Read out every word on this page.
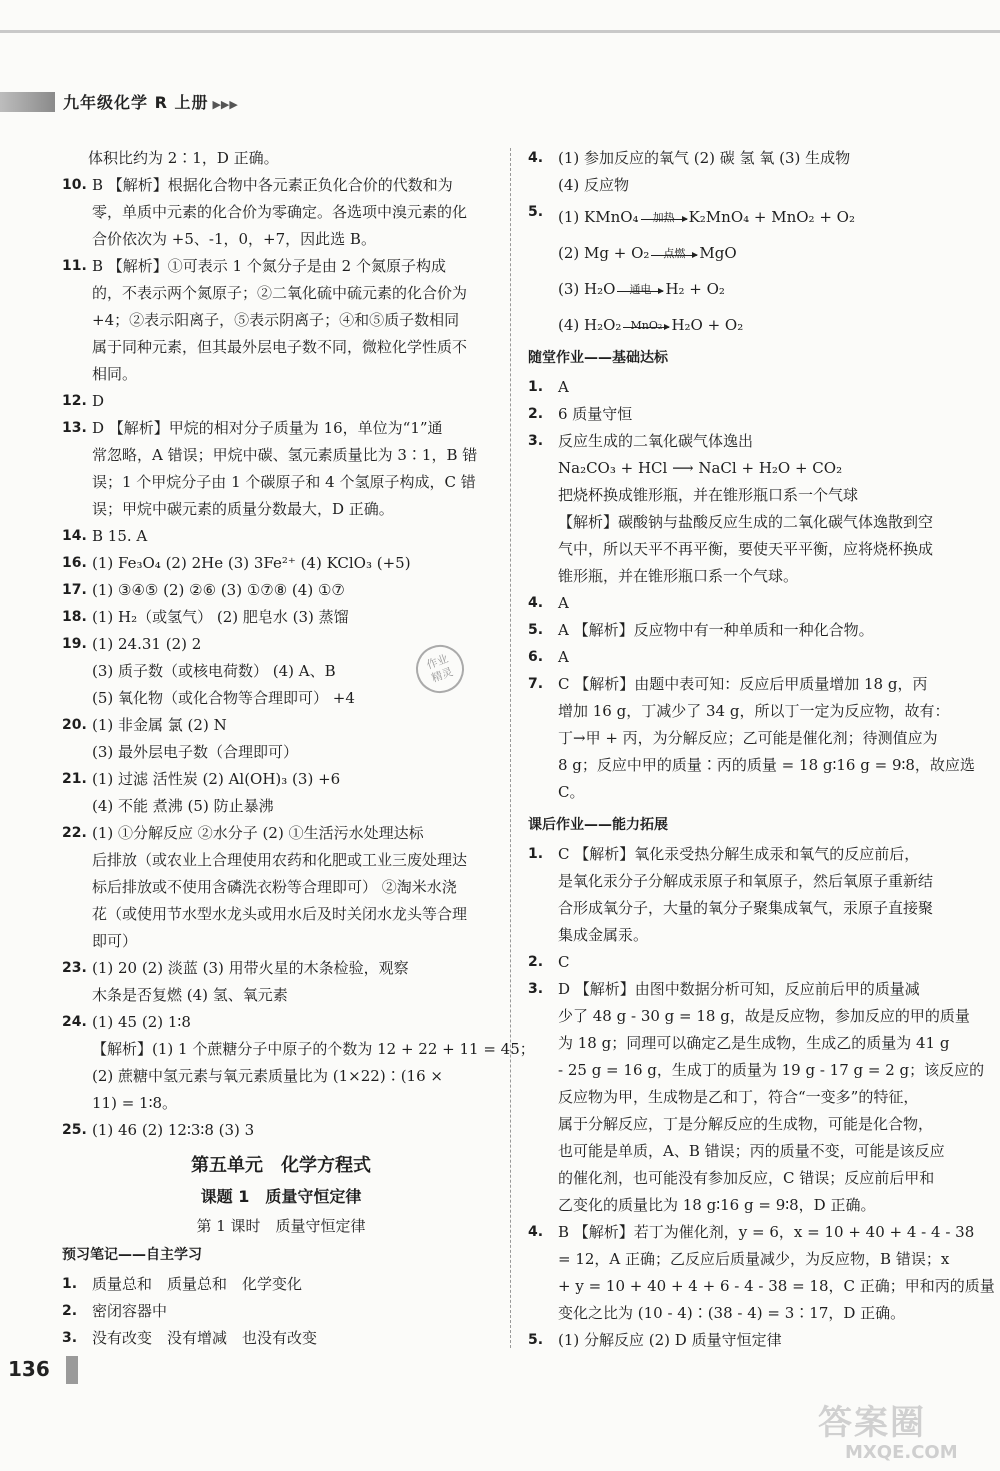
九年级化学 R 上册 ▶▶▶
体积比约为 2∶1，D 正确。
10. B 【解析】根据化合物中各元素正负化合价的代数和为
零，单质中元素的化合价为零确定。各选项中溴元素的化
合价依次为 +5、-1，0，+7，因此选 B。
11. B 【解析】①可表示 1 个氮分子是由 2 个氮原子构成
的，不表示两个氮原子；②二氧化硫中硫元素的化合价为
+4；②表示阳离子，⑤表示阴离子；④和⑤质子数相同
属于同种元素，但其最外层电子数不同，微粒化学性质不
相同。
12. D
13. D 【解析】甲烷的相对分子质量为 16，单位为“1”通
常忽略，A 错误；甲烷中碳、氢元素质量比为 3∶1，B 错
误；1 个甲烷分子由 1 个碳原子和 4 个氢原子构成，C 错
误；甲烷中碳元素的质量分数最大，D 正确。
14. B 15. A
16. (1) Fe₃O₄ (2) 2He (3) 3Fe²⁺ (4) KClO₃ (+5)
17. (1) ③④⑤ (2) ②⑥ (3) ①⑦⑧ (4) ①⑦
18. (1) H₂（或氢气） (2) 肥皂水 (3) 蒸馏
19. (1) 24.31 (2) 2
(3) 质子数（或核电荷数） (4) A、B
(5) 氧化物（或化合物等合理即可） +4
20. (1) 非金属 氯 (2) N
(3) 最外层电子数（合理即可）
21. (1) 过滤 活性炭 (2) Al(OH)₃ (3) +6
(4) 不能 煮沸 (5) 防止暴沸
22. (1) ①分解反应 ②水分子 (2) ①生活污水处理达标
后排放（或农业上合理使用农药和化肥或工业三废处理达
标后排放或不使用含磷洗衣粉等合理即可） ②淘米水浇
花（或使用节水型水龙头或用水后及时关闭水龙头等合理
即可）
23. (1) 20 (2) 淡蓝 (3) 用带火星的木条检验，观察
木条是否复燃 (4) 氢、氧元素
24. (1) 45 (2) 1∶8
【解析】(1) 1 个蔗糖分子中原子的个数为 12 + 22 + 11 = 45；
(2) 蔗糖中氢元素与氧元素质量比为 (1×22)∶(16 ×
11) = 1∶8。
25. (1) 46 (2) 12∶3∶8 (3) 3
第五单元　化学方程式
课题 1　质量守恒定律
第 1 课时　质量守恒定律
预习笔记——自主学习
1. 质量总和　质量总和　化学变化
2. 密闭容器中
3. 没有改变　没有增减　也没有改变
4. (1) 参加反应的氧气 (2) 碳 氢 氧 (3) 生成物
(4) 反应物
5. (1) KMnO₄	加热 K₂MnO₄ + MnO₂ + O₂
(2) Mg + O₂	点燃 MgO
(3) H₂O	通电 H₂ + O₂
(4) H₂O₂ MnO₂ H₂O + O₂
随堂作业——基础达标
1. A
2. 6 质量守恒
3. 反应生成的二氧化碳气体逸出
Na₂CO₃ + HCl ⟶ NaCl + H₂O + CO₂
把烧杯换成锥形瓶，并在锥形瓶口系一个气球
【解析】碳酸钠与盐酸反应生成的二氧化碳气体逸散到空
气中，所以天平不再平衡，要使天平平衡，应将烧杯换成
锥形瓶，并在锥形瓶口系一个气球。
4. A
5. A 【解析】反应物中有一种单质和一种化合物。
6. A
7. C 【解析】由题中表可知：反应后甲质量增加 18 g，丙
增加 16 g，丁减少了 34 g，所以丁一定为反应物，故有：
丁→甲 + 丙，为分解反应；乙可能是催化剂；待测值应为
8 g；反应中甲的质量∶丙的质量 = 18 g∶16 g = 9∶8，故应选
C。
课后作业——能力拓展
1. C 【解析】氧化汞受热分解生成汞和氧气的反应前后，
是氧化汞分子分解成汞原子和氧原子，然后氧原子重新结
合形成氧分子，大量的氧分子聚集成氧气，汞原子直接聚
集成金属汞。
2. C
3. D 【解析】由图中数据分析可知，反应前后甲的质量减
少了 48 g - 30 g = 18 g，故是反应物，参加反应的甲的质量
为 18 g；同理可以确定乙是生成物，生成乙的质量为 41 g
- 25 g = 16 g，生成丁的质量为 19 g - 17 g = 2 g；该反应的
反应物为甲，生成物是乙和丁，符合“一变多”的特征，
属于分解反应，丁是分解反应的生成物，可能是化合物，
也可能是单质，A、B 错误；丙的质量不变，可能是该反应
的催化剂，也可能没有参加反应，C 错误；反应前后甲和
乙变化的质量比为 18 g∶16 g = 9∶8，D 正确。
4. B 【解析】若丁为催化剂，y = 6，x = 10 + 40 + 4 - 4 - 38
= 12，A 正确；乙反应后质量减少，为反应物，B 错误；x
+ y = 10 + 40 + 4 + 6 - 4 - 38 = 18，C 正确；甲和丙的质量
变化之比为 (10 - 4)∶(38 - 4) = 3∶17，D 正确。
5. (1) 分解反应 (2) D 质量守恒定律
作业
精灵
136
答案圈
MXQE.COM
